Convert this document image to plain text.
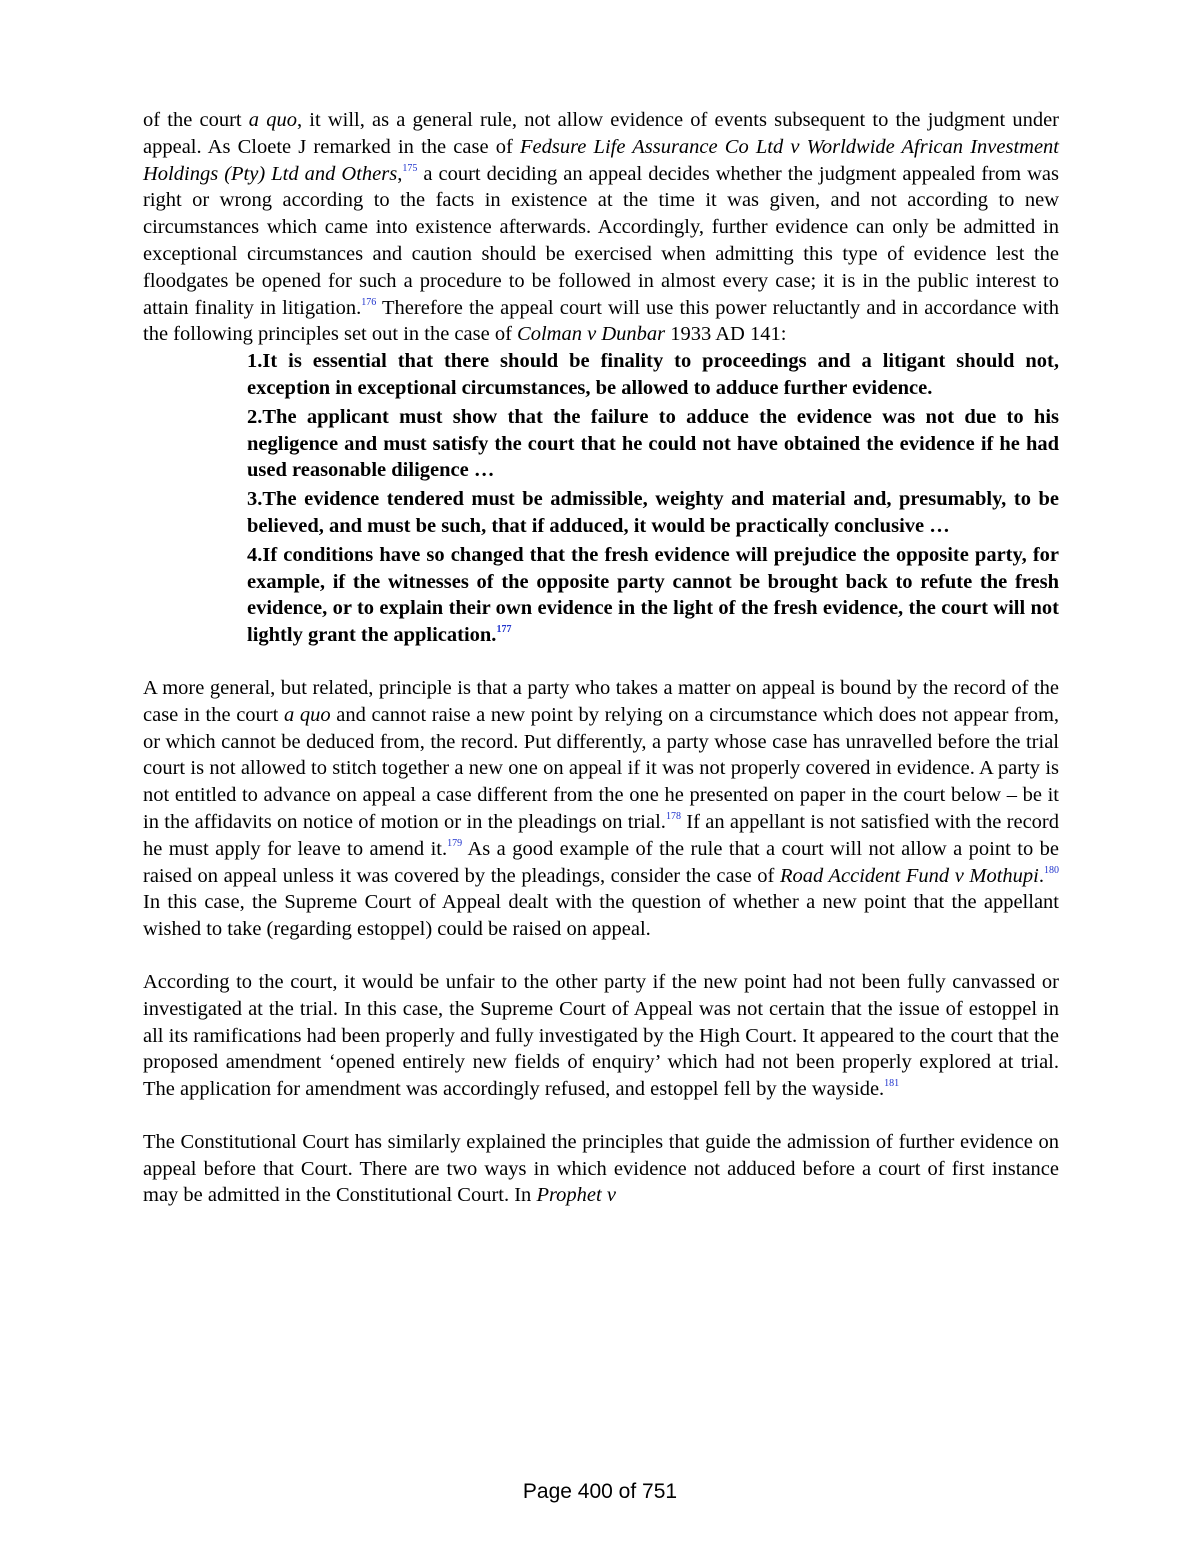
of the court a quo, it will, as a general rule, not allow evidence of events subsequent to the judgment under appeal. As Cloete J remarked in the case of Fedsure Life Assurance Co Ltd v Worldwide African Investment Holdings (Pty) Ltd and Others,$^{175}$ a court deciding an appeal decides whether the judgment appealed from was right or wrong according to the facts in existence at the time it was given, and not according to new circumstances which came into existence afterwards. Accordingly, further evidence can only be admitted in exceptional circumstances and caution should be exercised when admitting this type of evidence lest the floodgates be opened for such a procedure to be followed in almost every case; it is in the public interest to attain finality in litigation.$^{176}$ Therefore the appeal court will use this power reluctantly and in accordance with the following principles set out in the case of Colman v Dunbar 1933 AD 141:

1.It is essential that there should be finality to proceedings and a litigant should not, exception in exceptional circumstances, be allowed to adduce further evidence.
2.The applicant must show that the failure to adduce the evidence was not due to his negligence and must satisfy the court that he could not have obtained the evidence if he had used reasonable diligence …
3.The evidence tendered must be admissible, weighty and material and, presumably, to be believed, and must be such, that if adduced, it would be practically conclusive …
4.If conditions have so changed that the fresh evidence will prejudice the opposite party, for example, if the witnesses of the opposite party cannot be brought back to refute the fresh evidence, or to explain their own evidence in the light of the fresh evidence, the court will not lightly grant the application.$^{177}$

A more general, but related, principle is that a party who takes a matter on appeal is bound by the record of the case in the court a quo and cannot raise a new point by relying on a circumstance which does not appear from, or which cannot be deduced from, the record. Put differently, a party whose case has unravelled before the trial court is not allowed to stitch together a new one on appeal if it was not properly covered in evidence. A party is not entitled to advance on appeal a case different from the one he presented on paper in the court below – be it in the affidavits on notice of motion or in the pleadings on trial.$^{178}$ If an appellant is not satisfied with the record he must apply for leave to amend it.$^{179}$ As a good example of the rule that a court will not allow a point to be raised on appeal unless it was covered by the pleadings, consider the case of Road Accident Fund v Mothupi.$^{180}$ In this case, the Supreme Court of Appeal dealt with the question of whether a new point that the appellant wished to take (regarding estoppel) could be raised on appeal.

According to the court, it would be unfair to the other party if the new point had not been fully canvassed or investigated at the trial. In this case, the Supreme Court of Appeal was not certain that the issue of estoppel in all its ramifications had been properly and fully investigated by the High Court. It appeared to the court that the proposed amendment ‘opened entirely new fields of enquiry’ which had not been properly explored at trial. The application for amendment was accordingly refused, and estoppel fell by the wayside.$^{181}$

The Constitutional Court has similarly explained the principles that guide the admission of further evidence on appeal before that Court. There are two ways in which evidence not adduced before a court of first instance may be admitted in the Constitutional Court. In Prophet v

Page 400 of 751
